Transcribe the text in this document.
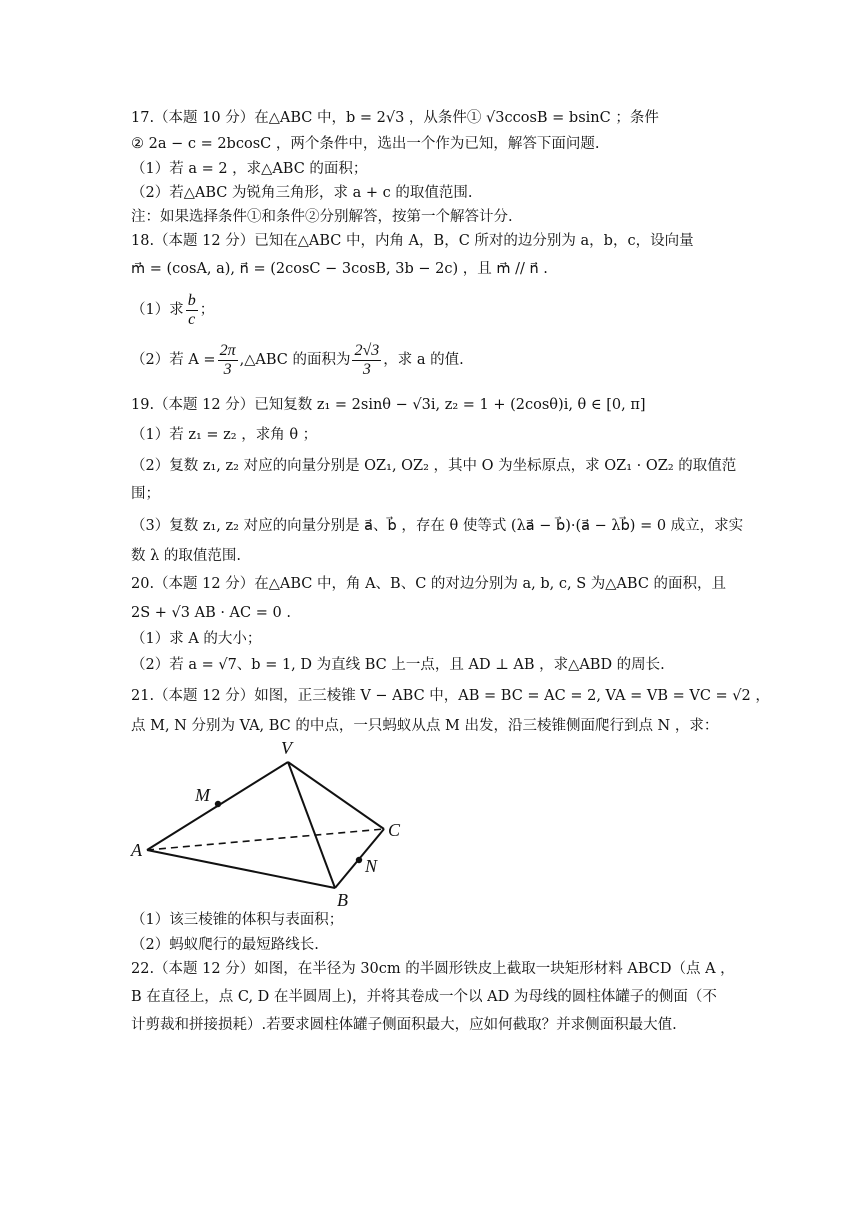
17.（本题 10 分）在△ABC 中，b = 2√3 ，从条件① √3ccosB = bsinC ；条件
② 2a − c = 2bcosC ，两个条件中，选出一个作为已知，解答下面问题.
（1）若 a = 2 ，求△ABC 的面积；
（2）若△ABC 为锐角三角形，求 a + c 的取值范围.
注：如果选择条件①和条件②分别解答，按第一个解答计分.
18.（本题 12 分）已知在△ABC 中，内角 A，B，C 所对的边分别为 a，b，c，设向量
m⃗ = (cosA, a), n⃗ = (2cosC − 3cosB, 3b − 2c) ，且 m⃗ // n⃗ .
（1）求 $\frac{b}{c}$ ；
（2）若 $A = \frac{2\pi}{3}$ ,△ABC 的面积为 $\frac{2√3}{3}$ ，求 a 的值.
19.（本题 12 分）已知复数 z₁ = 2sinθ − √3i, z₂ = 1 + (2cosθ)i, θ ∈ [0, π]
（1）若 z₁ = z₂ ，求角 θ ；
（2）复数 z₁, z₂ 对应的向量分别是 OZ₁, OZ₂ ，其中 O 为坐标原点，求 OZ₁ · OZ₂ 的取值范
围；
（3）复数 z₁, z₂ 对应的向量分别是 a⃗、b⃗ ，存在 θ 使等式 (λa⃗ − b⃗)·(a⃗ − λb⃗) = 0 成立，求实
数 λ 的取值范围.
20.（本题 12 分）在△ABC 中，角 A、B、C 的对边分别为 a, b, c, S 为△ABC 的面积，且
2S + √3 AB · AC = 0 .
（1）求 A 的大小；
（2）若 a = √7、b = 1, D 为直线 BC 上一点，且 AD ⊥ AB ，求△ABD 的周长.
21.（本题 12 分）如图，正三棱锥 V − ABC 中，AB = BC = AC = 2, VA = VB = VC = √2 ，
点 M, N 分别为 VA, BC 的中点，一只蚂蚁从点 M 出发，沿三棱锥侧面爬行到点 N ，求：
V
M
A
B
C
N
（1）该三棱锥的体积与表面积；
（2）蚂蚁爬行的最短路线长.
22.（本题 12 分）如图，在半径为 30cm 的半圆形铁皮上截取一块矩形材料 ABCD（点 A ，
B 在直径上，点 C, D 在半圆周上)，并将其卷成一个以 AD 为母线的圆柱体罐子的侧面（不
计剪裁和拼接损耗）.若要求圆柱体罐子侧面积最大，应如何截取？并求侧面积最大值.
